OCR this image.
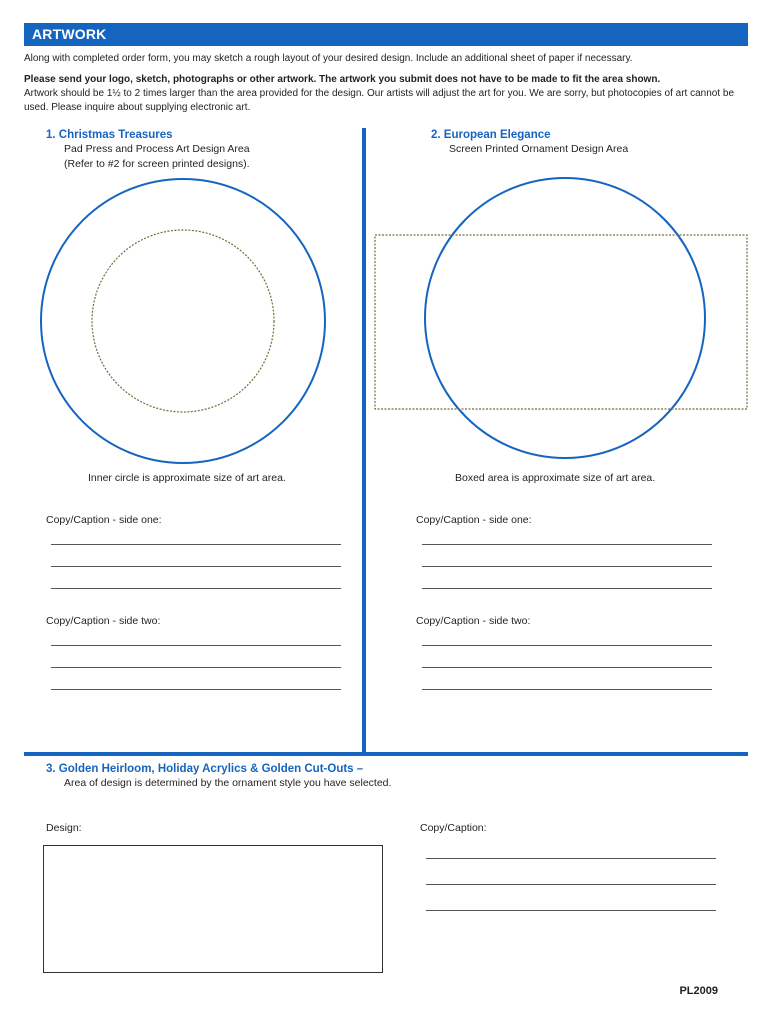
ARTWORK
Along with completed order form, you may sketch a rough layout of your desired design. Include an additional sheet of paper if necessary.
Please send your logo, sketch, photographs or other artwork. The artwork you submit does not have to be made to fit the area shown.
Artwork should be 1½ to 2 times larger than the area provided for the design. Our artists will adjust the art for you. We are sorry, but photocopies of art cannot be used. Please inquire about supplying electronic art.
1. Christmas Treasures
Pad Press and Process Art Design Area
(Refer to #2 for screen printed designs).
Inner circle is approximate size of art area.
Copy/Caption - side one:
Copy/Caption - side two:
2. European Elegance
Screen Printed Ornament Design Area
Boxed area is approximate size of art area.
Copy/Caption - side one:
Copy/Caption - side two:
3. Golden Heirloom, Holiday Acrylics & Golden Cut-Outs –
Area of design is determined by the ornament style you have selected.
Design:	Copy/Caption:
PL2009
